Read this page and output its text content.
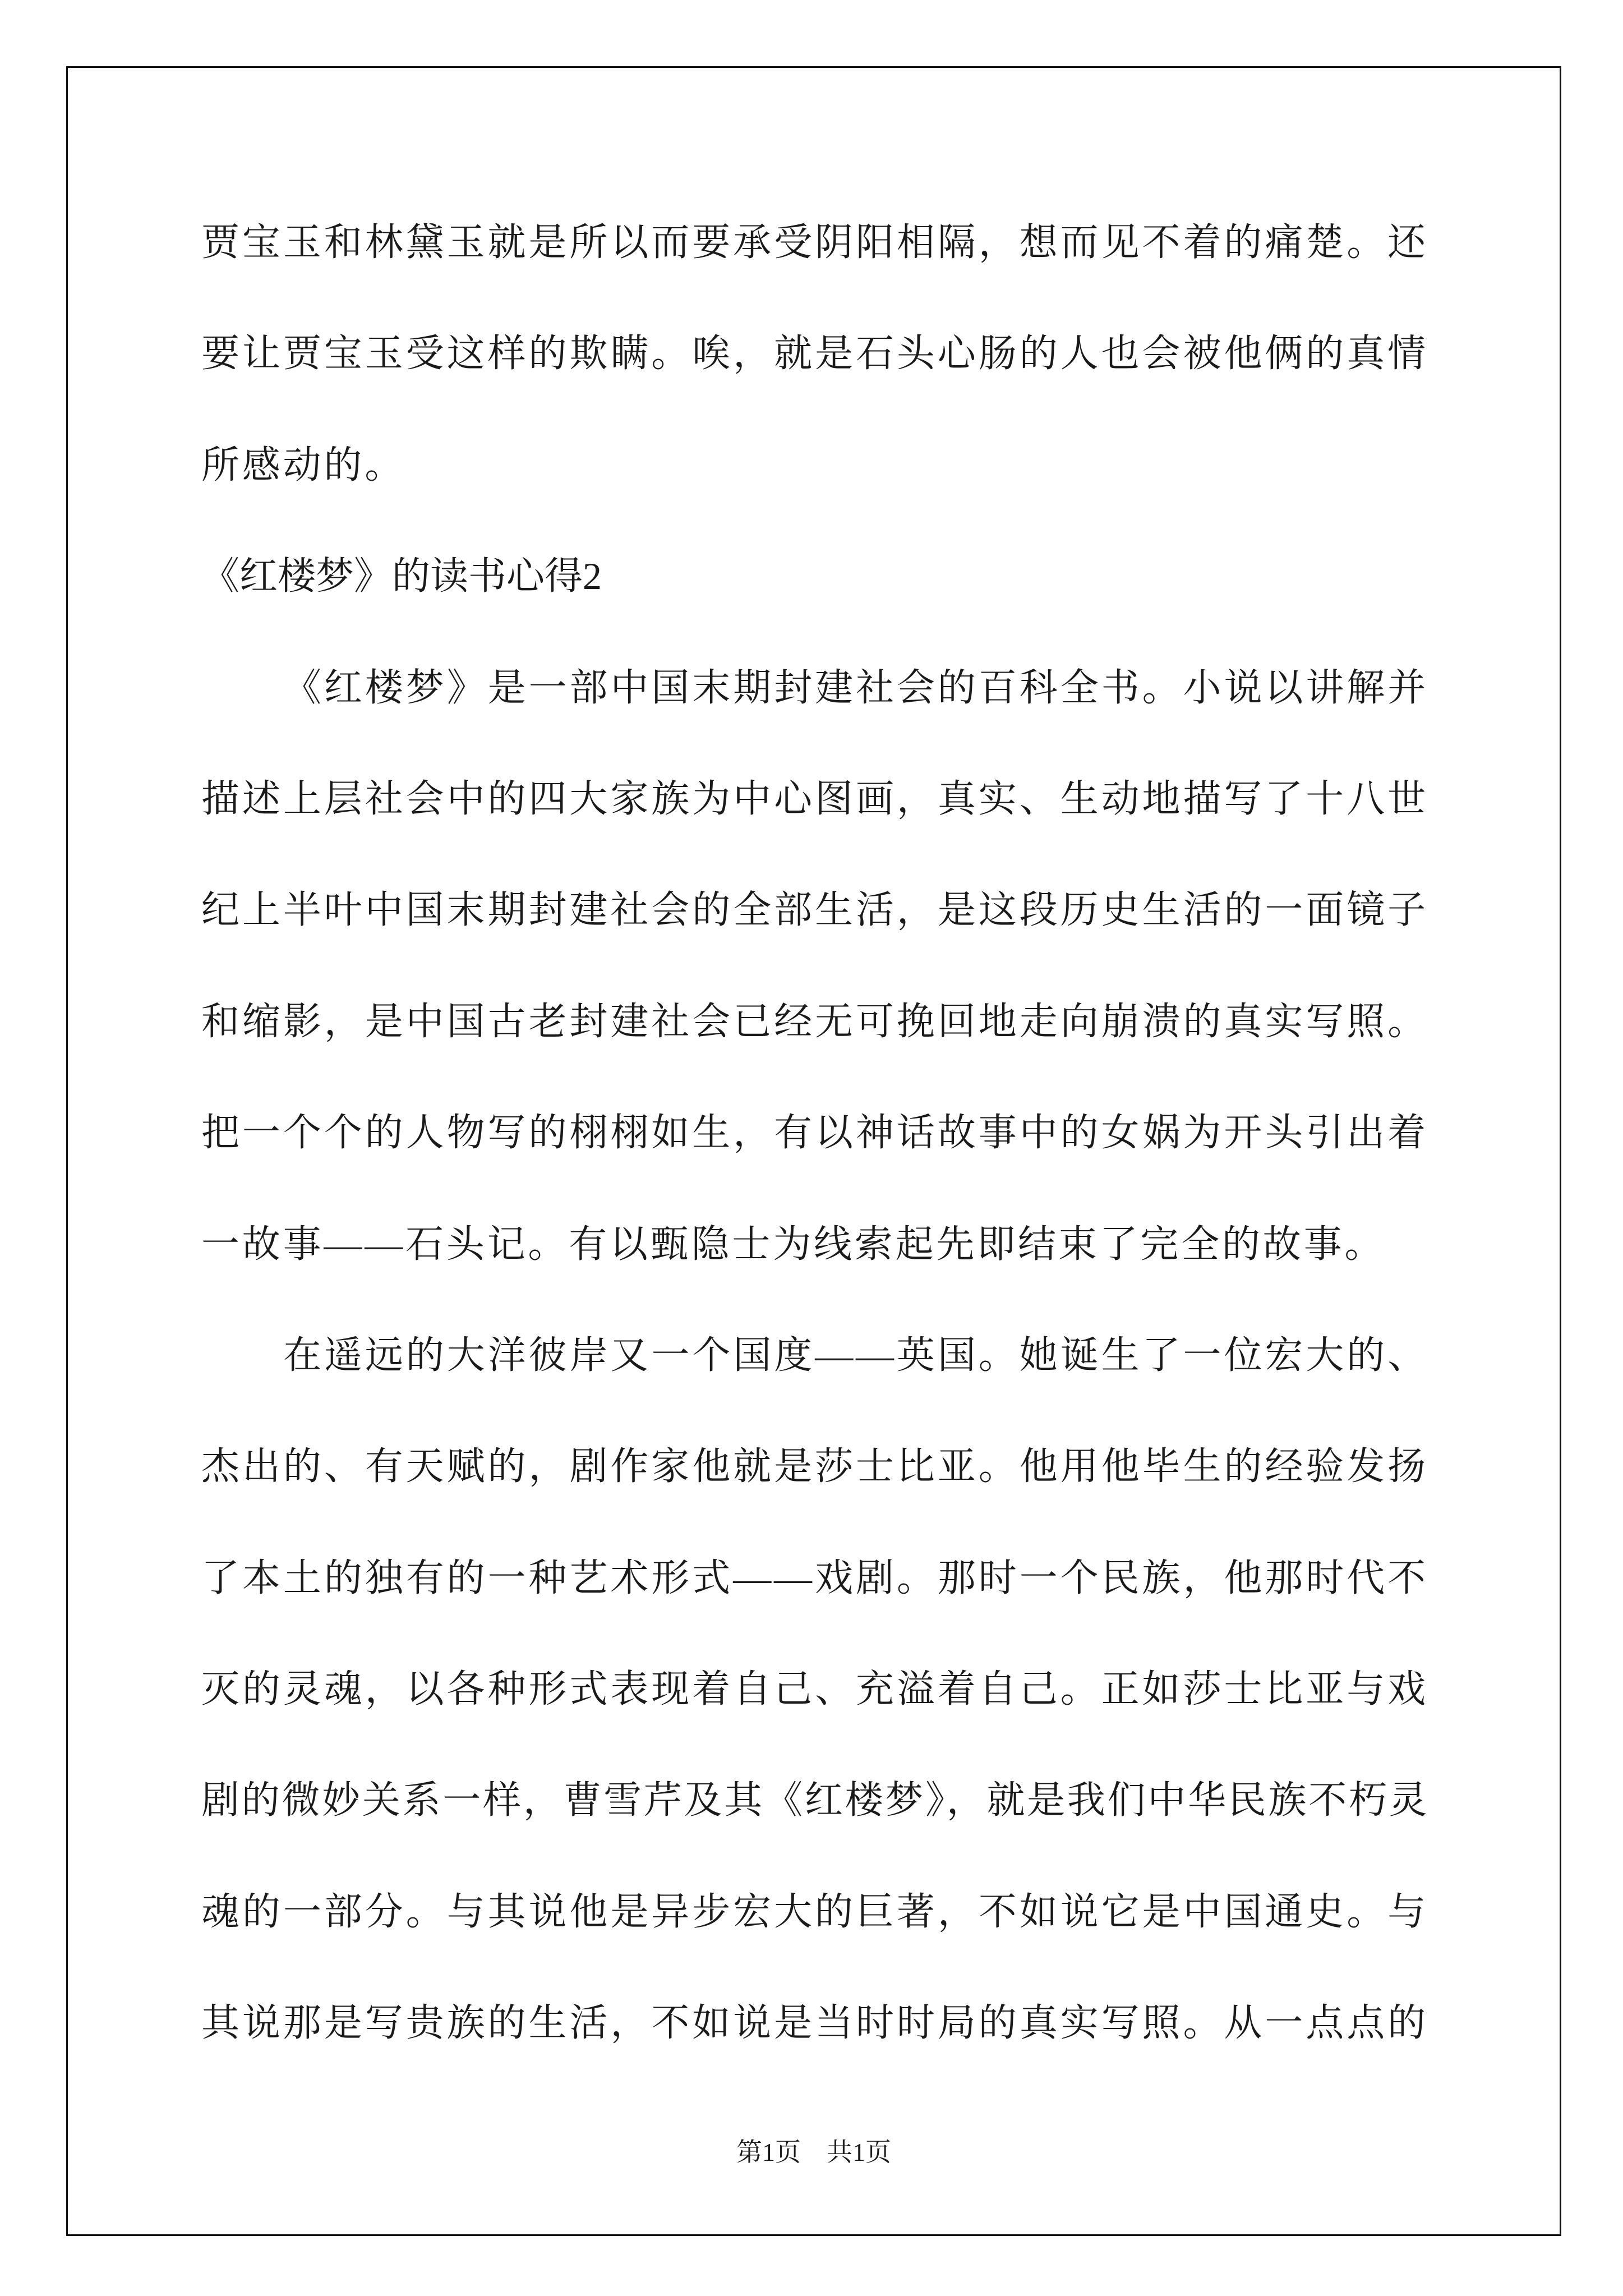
贾宝玉和林黛玉就是所以而要承受阴阳相隔，想而见不着的痛楚。还
要让贾宝玉受这样的欺瞒。唉，就是石头心肠的人也会被他俩的真情
所感动的。
《红楼梦》的读书心得2
《红楼梦》是一部中国末期封建社会的百科全书。小说以讲解并
描述上层社会中的四大家族为中心图画，真实、生动地描写了十八世
纪上半叶中国末期封建社会的全部生活，是这段历史生活的一面镜子
和缩影，是中国古老封建社会已经无可挽回地走向崩溃的真实写照。
把一个个的人物写的栩栩如生，有以神话故事中的女娲为开头引出着
一故事——石头记。有以甄隐士为线索起先即结束了完全的故事。
在遥远的大洋彼岸又一个国度——英国。她诞生了一位宏大的、
杰出的、有天赋的，剧作家他就是莎士比亚。他用他毕生的经验发扬
了本土的独有的一种艺术形式——戏剧。那时一个民族，他那时代不
灭的灵魂，以各种形式表现着自己、充溢着自己。正如莎士比亚与戏
剧的微妙关系一样，曹雪芹及其《红楼梦》，就是我们中华民族不朽灵
魂的一部分。与其说他是异步宏大的巨著，不如说它是中国通史。与
其说那是写贵族的生活，不如说是当时时局的真实写照。从一点点的
第1页　共1页
